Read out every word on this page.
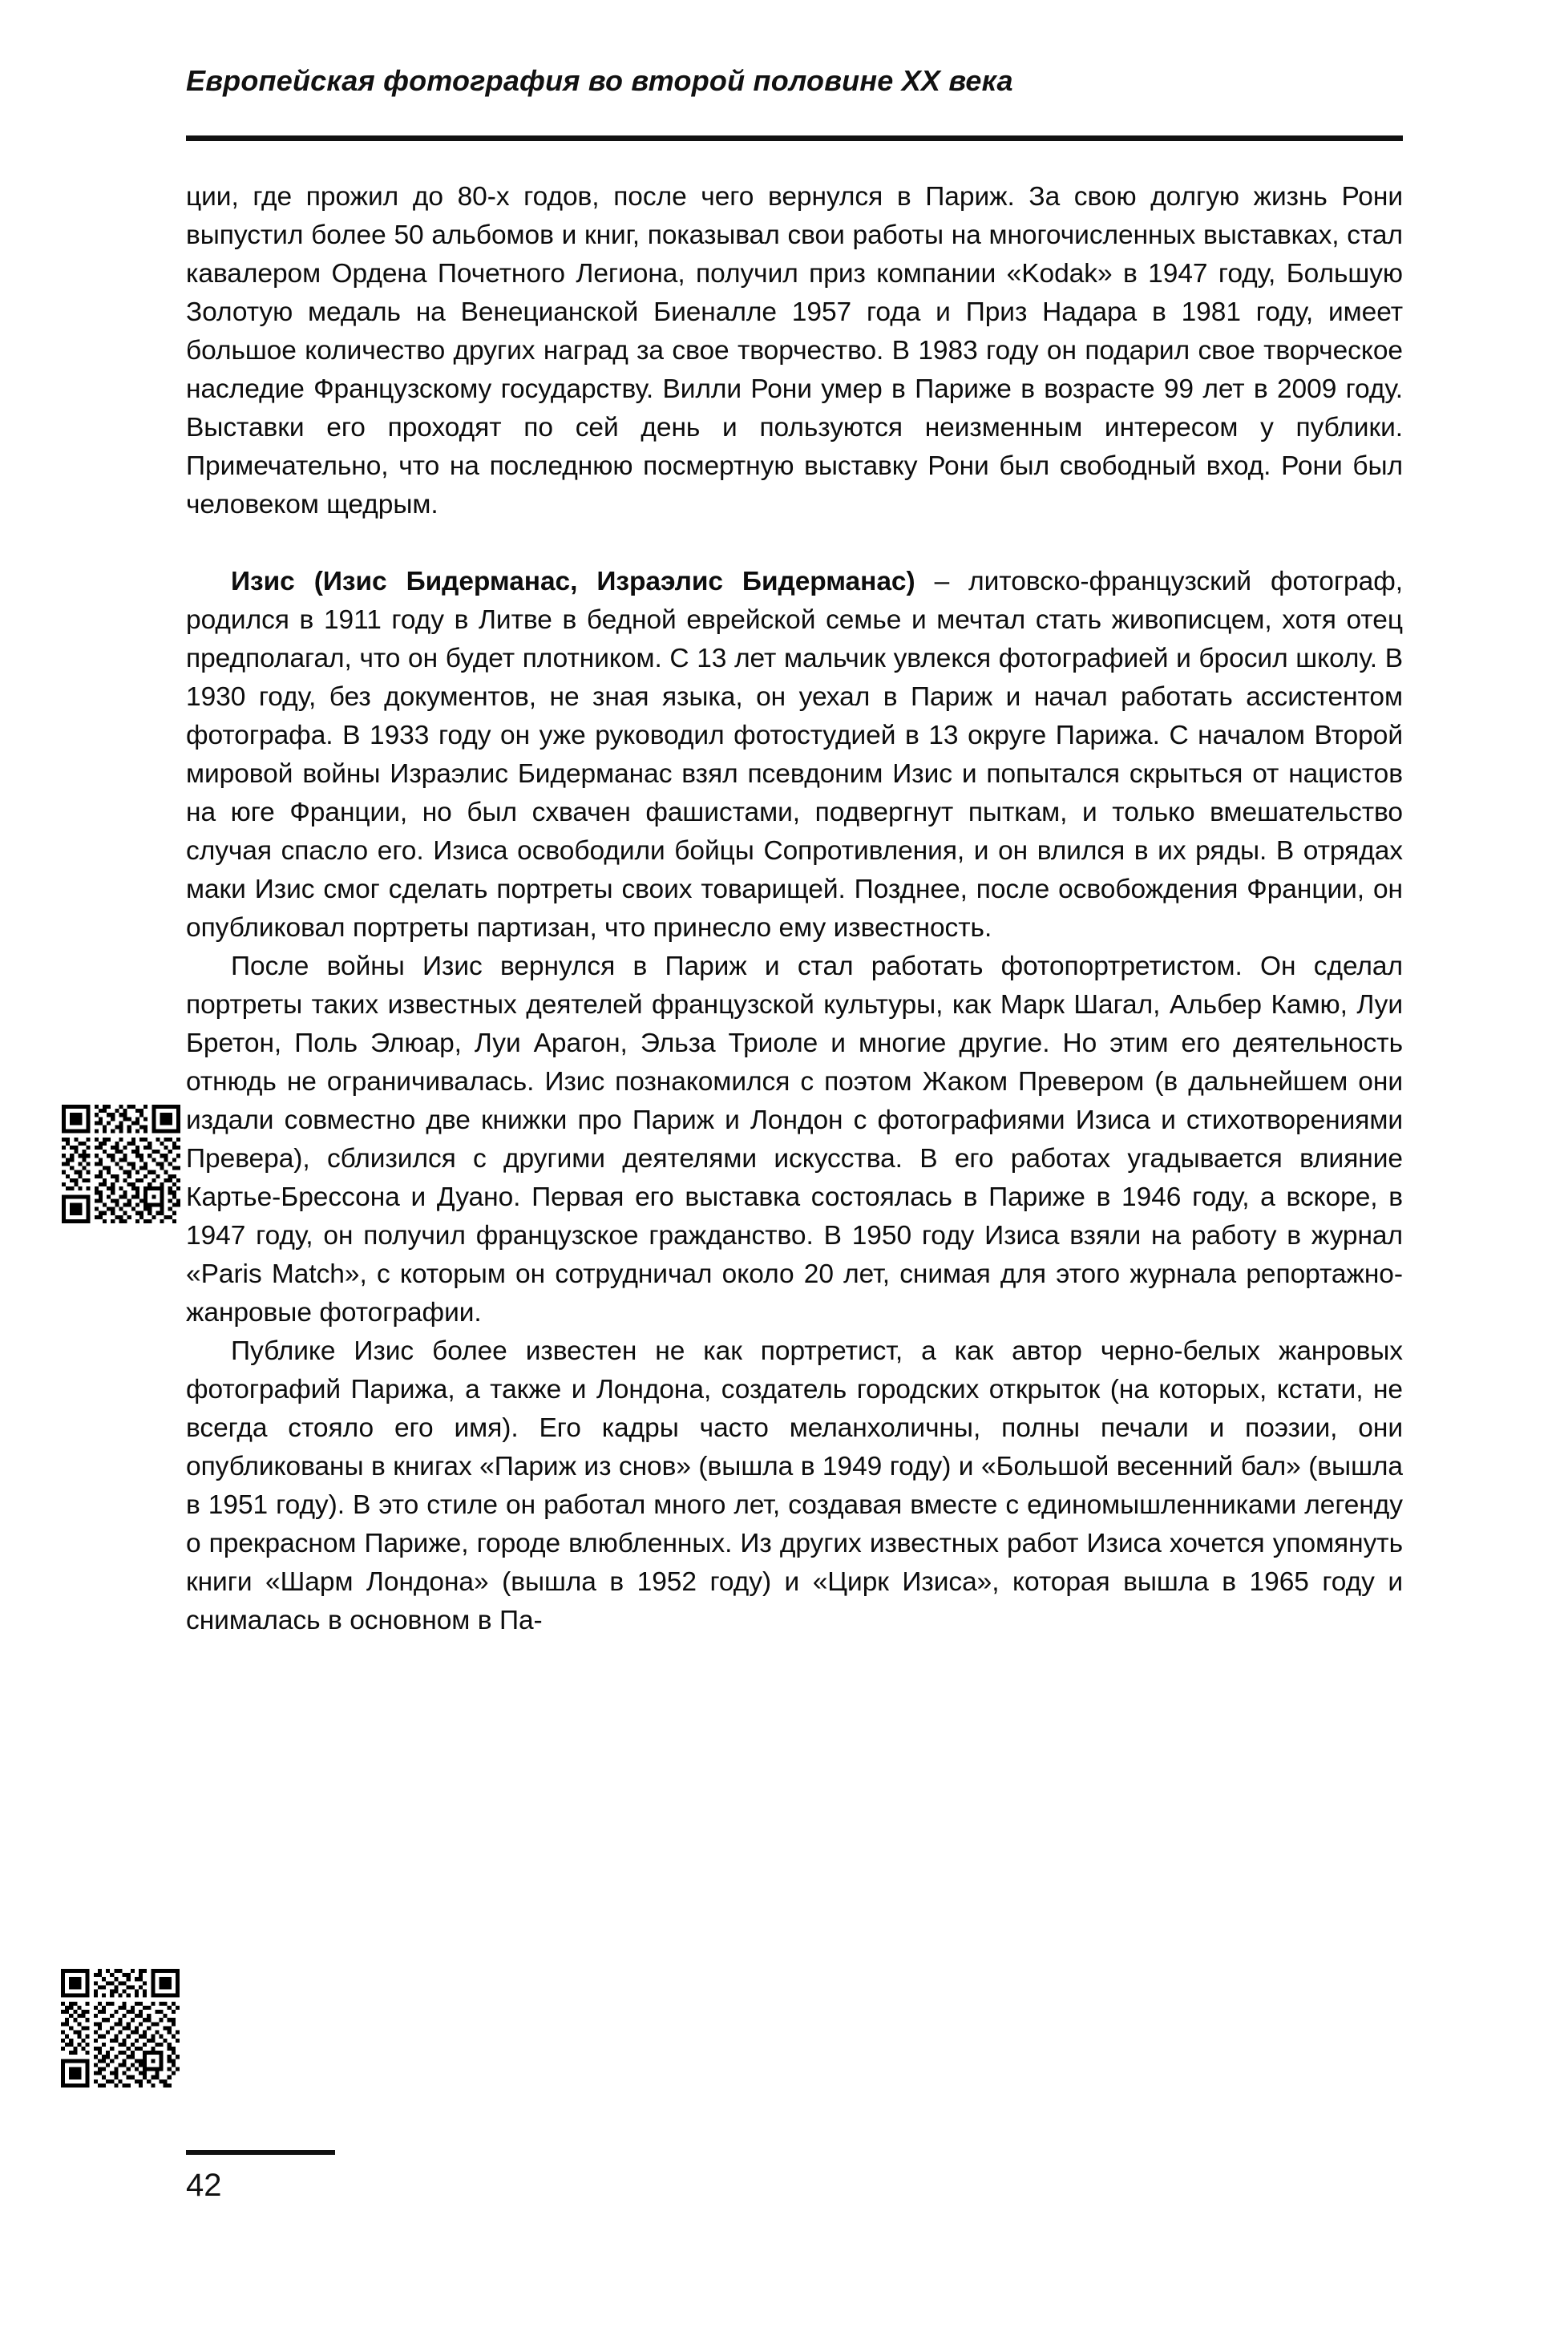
Европейская фотография во второй половине XX века

ции, где прожил до 80-х годов, после чего вернулся в Париж. За свою долгую жизнь Рони выпустил более 50 альбомов и книг, показывал свои работы на многочисленных выставках, стал кавалером Ордена Почетного Легиона, получил приз компании «Kodak» в 1947 году, Большую Золотую медаль на Венецианской Биеналле 1957 года и Приз Надара в 1981 году, имеет большое количество других наград за свое творчество. В 1983 году он подарил свое творческое наследие Французскому государству. Вилли Рони умер в Париже в возрасте 99 лет в 2009 году. Выставки его проходят по сей день и пользуются неизменным интересом у публики. Примечательно, что на последнюю посмертную выставку Рони был свободный вход. Рони был человеком щедрым.

Изис (Изис Бидерманас, Израэлис Бидерманас) – литовско-французский фотограф, родился в 1911 году в Литве в бедной еврейской семье и мечтал стать живописцем, хотя отец предполагал, что он будет плотником. С 13 лет мальчик увлекся фотографией и бросил школу. В 1930 году, без документов, не зная языка, он уехал в Париж и начал работать ассистентом фотографа. В 1933 году он уже руководил фотостудией в 13 округе Парижа. С началом Второй мировой войны Израэлис Бидерманас взял псевдоним Изис и попытался скрыться от нацистов на юге Франции, но был схвачен фашистами, подвергнут пыткам, и только вмешательство случая спасло его. Изиса освободили бойцы Сопротивления, и он влился в их ряды. В отрядах маки Изис смог сделать портреты своих товарищей. Позднее, после освобождения Франции, он опубликовал портреты партизан, что принесло ему известность.

После войны Изис вернулся в Париж и стал работать фотопортретистом. Он сделал портреты таких известных деятелей французской культуры, как Марк Шагал, Альбер Камю, Луи Бретон, Поль Элюар, Луи Арагон, Эльза Триоле и многие другие. Но этим его деятельность отнюдь не ограничивалась. Изис познакомился с поэтом Жаком Превером (в дальнейшем они издали совместно две книжки про Париж и Лондон с фотографиями Изиса и стихотворениями Превера), сблизился с другими деятелями искусства. В его работах угадывается влияние Картье-Брессона и Дуано. Первая его выставка состоялась в Париже в 1946 году, а вскоре, в 1947 году, он получил французское гражданство. В 1950 году Изиса взяли на работу в журнал «Paris Match», с которым он сотрудничал около 20 лет, снимая для этого журнала репортажно-жанровые фотографии.

Публике Изис более известен не как портретист, а как автор черно-белых жанровых фотографий Парижа, а также и Лондона, создатель городских открыток (на которых, кстати, не всегда стояло его имя). Его кадры часто меланхоличны, полны печали и поэзии, они опубликованы в книгах «Париж из снов» (вышла в 1949 году) и «Большой весенний бал» (вышла в 1951 году). В это стиле он работал много лет, создавая вместе с единомышленниками легенду о прекрасном Париже, городе влюбленных. Из других известных работ Изиса хочется упомянуть книги «Шарм Лондона» (вышла в 1952 году) и «Цирк Изиса», которая вышла в 1965 году и снималась в основном в Па-

42
